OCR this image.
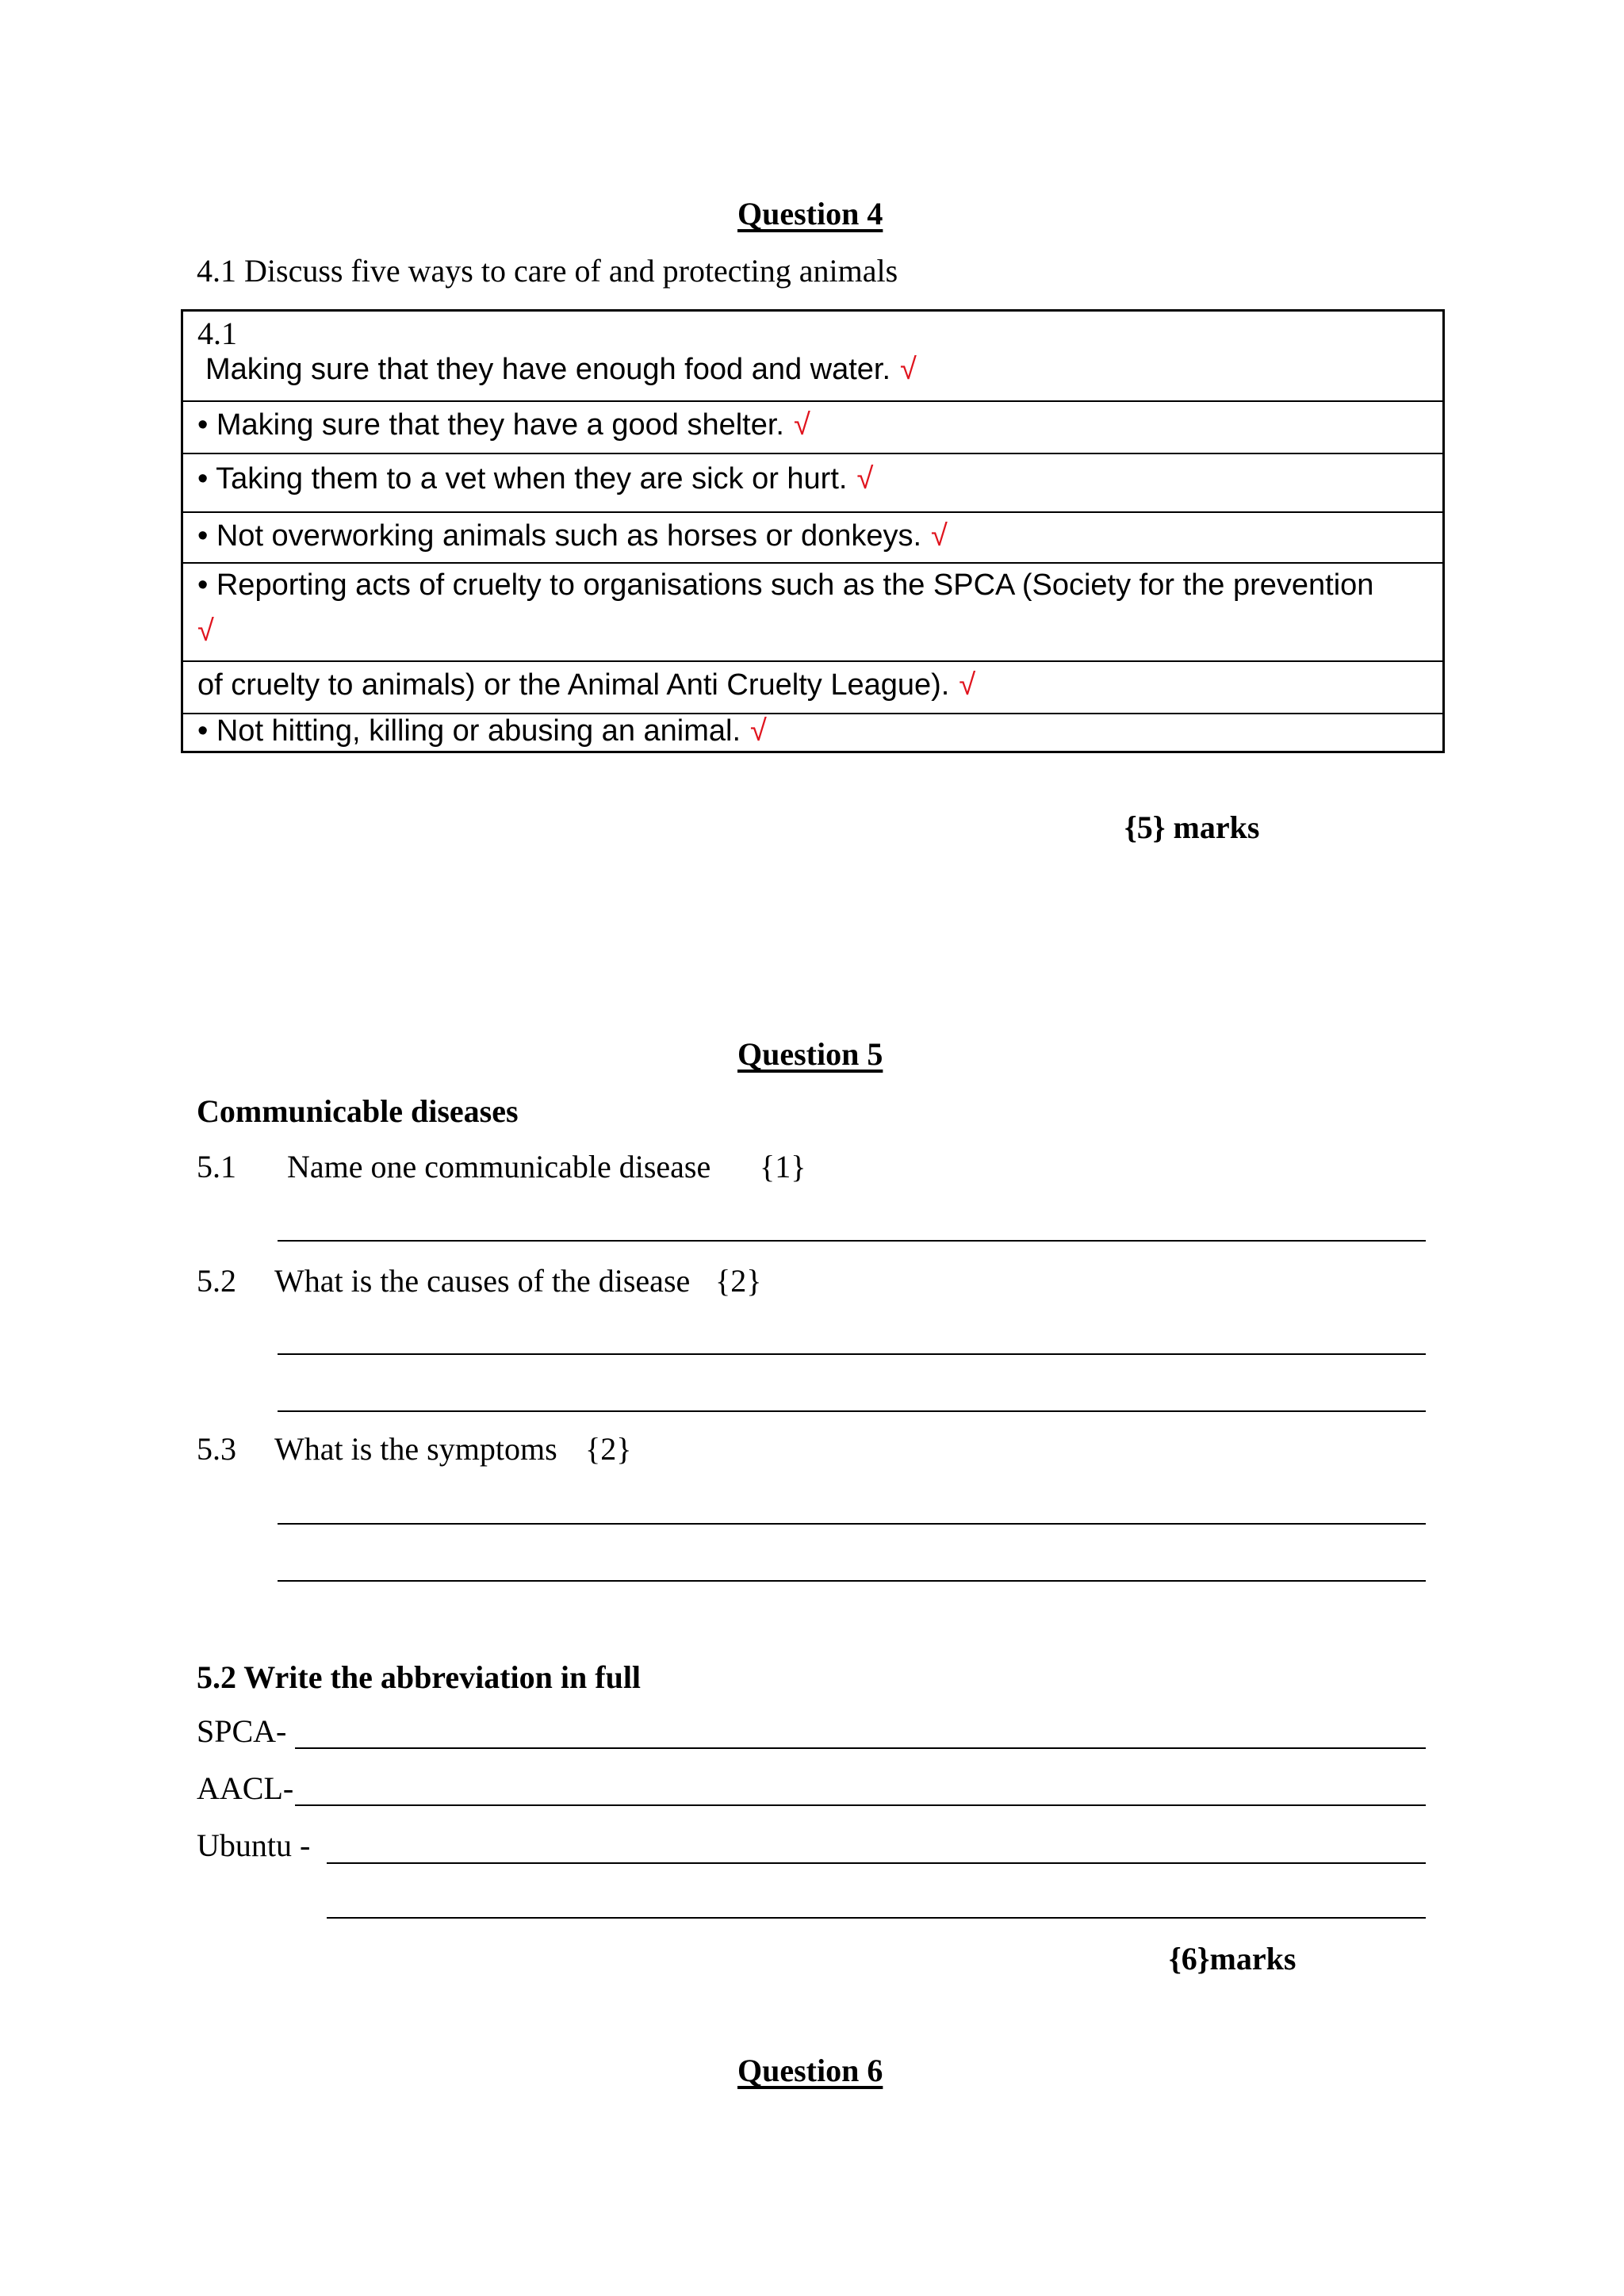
Question 4
4.1 Discuss five ways to care of and protecting animals
4.1
Making sure that they have enough food and water. √
• Making sure that they have a good shelter. √
• Taking them to a vet when they are sick or hurt. √
• Not overworking animals such as horses or donkeys. √
• Reporting acts of cruelty to organisations such as the SPCA (Society for the prevention
√
of cruelty to animals) or the Animal Anti Cruelty League). √
• Not hitting, killing or abusing an animal. √
{5} marks
Question 5
Communicable diseases
5.1 Name one communicable disease {1}
5.2 What is the causes of the disease {2}
5.3 What is the symptoms {2}
5.2 Write the abbreviation in full
SPCA-
AACL-
Ubuntu -
{6}marks
Question 6
